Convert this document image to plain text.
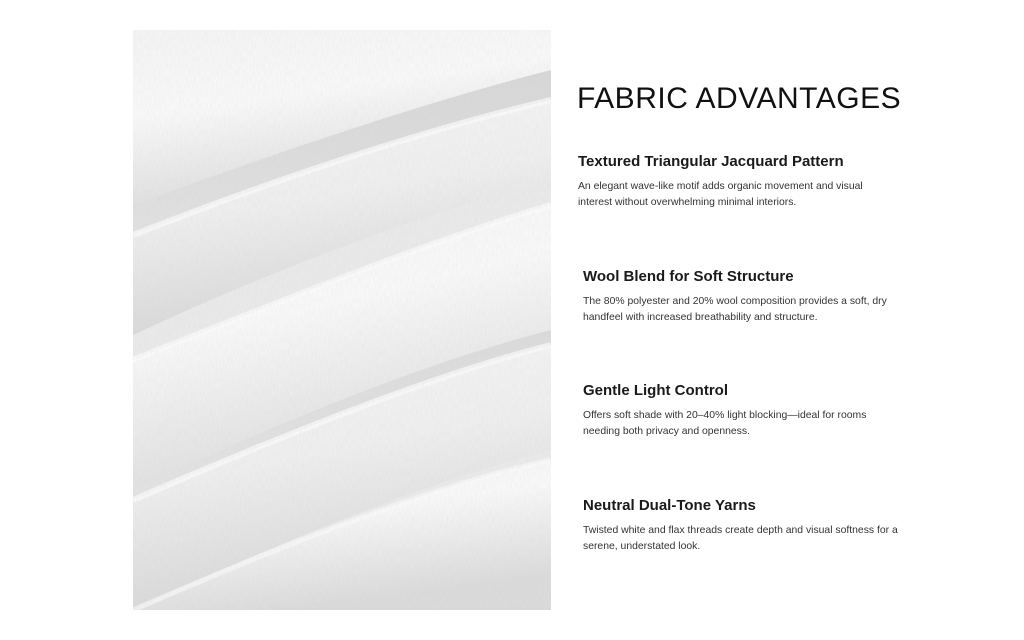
FABRIC ADVANTAGES
Textured Triangular Jacquard Pattern

An elegant wave-like motif adds organic movement and visual interest without overwhelming minimal interiors.

Wool Blend for Soft Structure

The 80% polyester and 20% wool composition provides a soft, dry handfeel with increased breathability and structure.

Gentle Light Control

Offers soft shade with 20–40% light blocking—ideal for rooms needing both privacy and openness.

Neutral Dual-Tone Yarns

Twisted white and flax threads create depth and visual softness for a serene, understated look.
